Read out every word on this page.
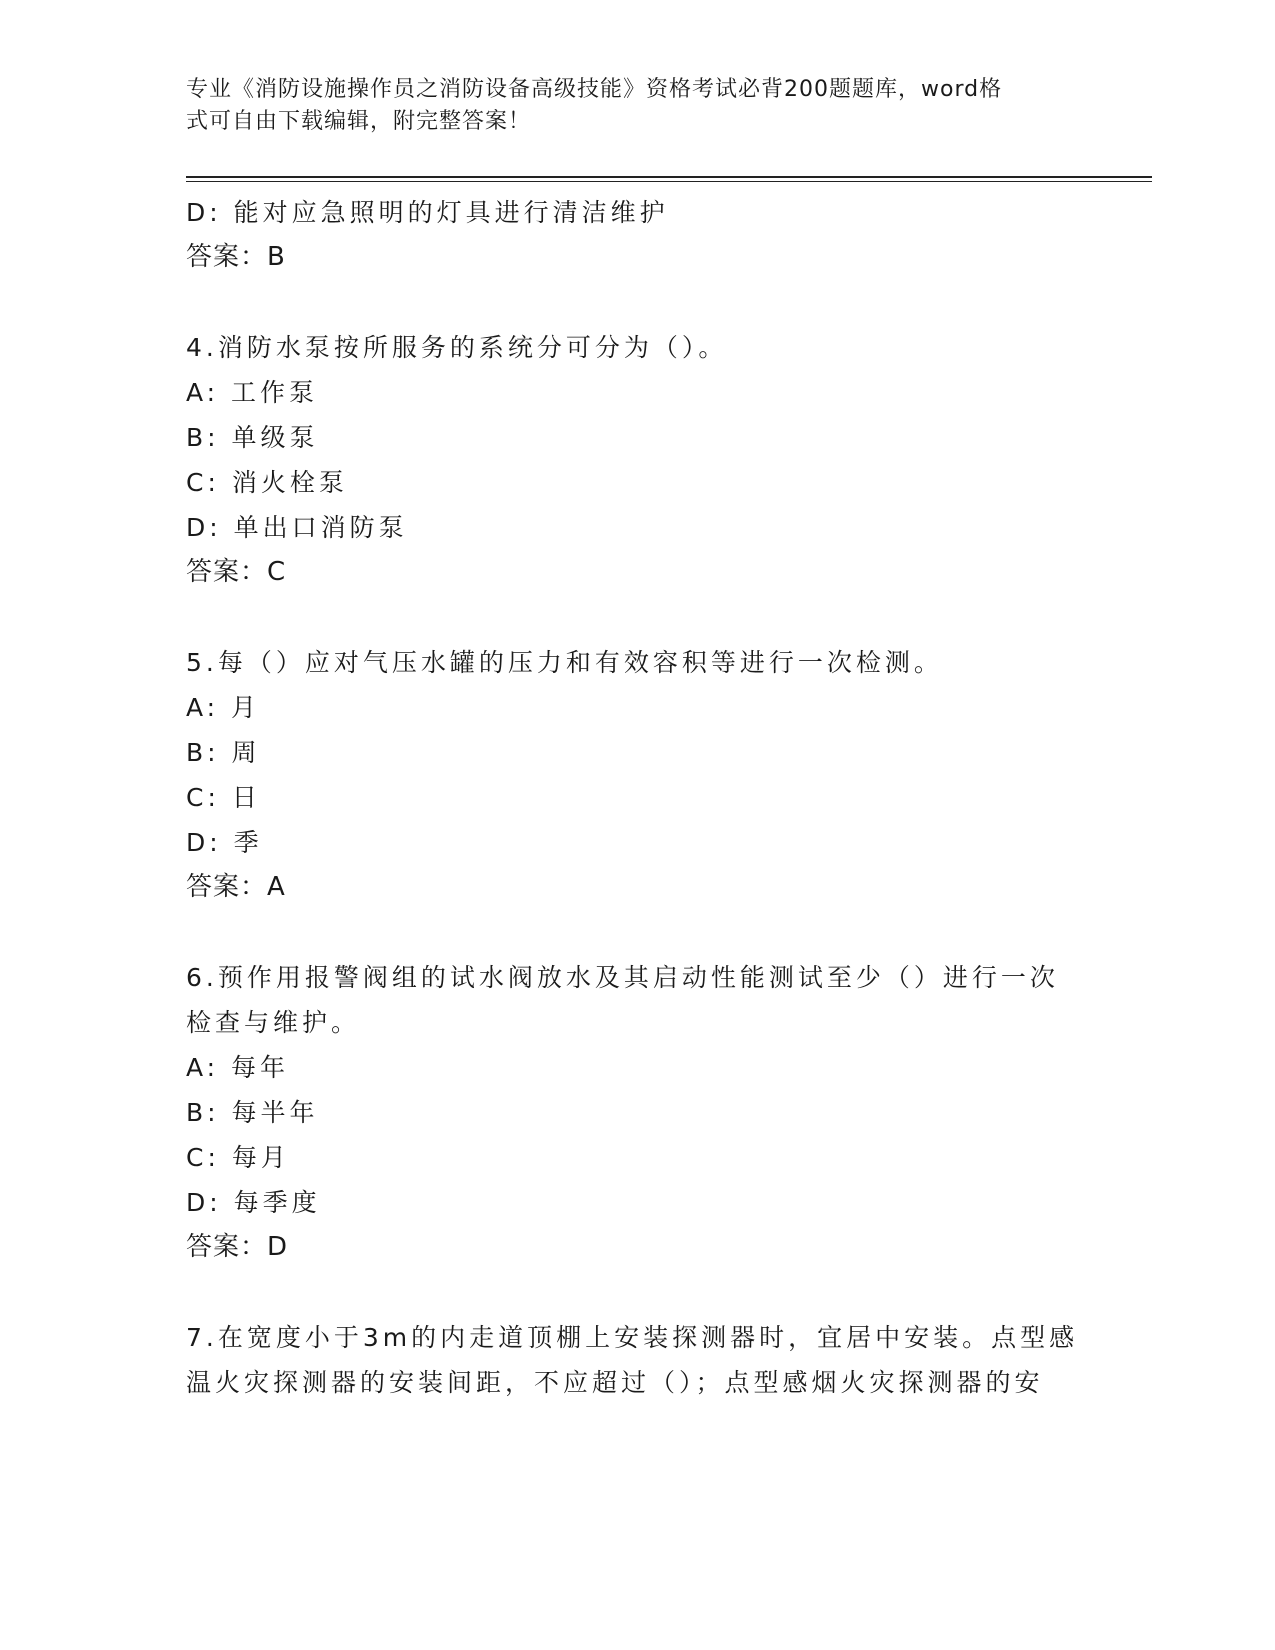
专业《消防设施操作员之消防设备高级技能》资格考试必背200题题库，word格
式可自由下载编辑，附完整答案！
D: 能对应急照明的灯具进行清洁维护
答案：B
4.消防水泵按所服务的系统分可分为（）。
A: 工作泵
B: 单级泵
C: 消火栓泵
D: 单出口消防泵
答案：C
5.每（）应对气压水罐的压力和有效容积等进行一次检测。
A: 月
B: 周
C: 日
D: 季
答案：A
6.预作用报警阀组的试水阀放水及其启动性能测试至少（）进行一次
检查与维护。
A: 每年
B: 每半年
C: 每月
D: 每季度
答案：D
7.在宽度小于3m的内走道顶棚上安装探测器时，宜居中安装。点型感
温火灾探测器的安装间距，不应超过（）；点型感烟火灾探测器的安
